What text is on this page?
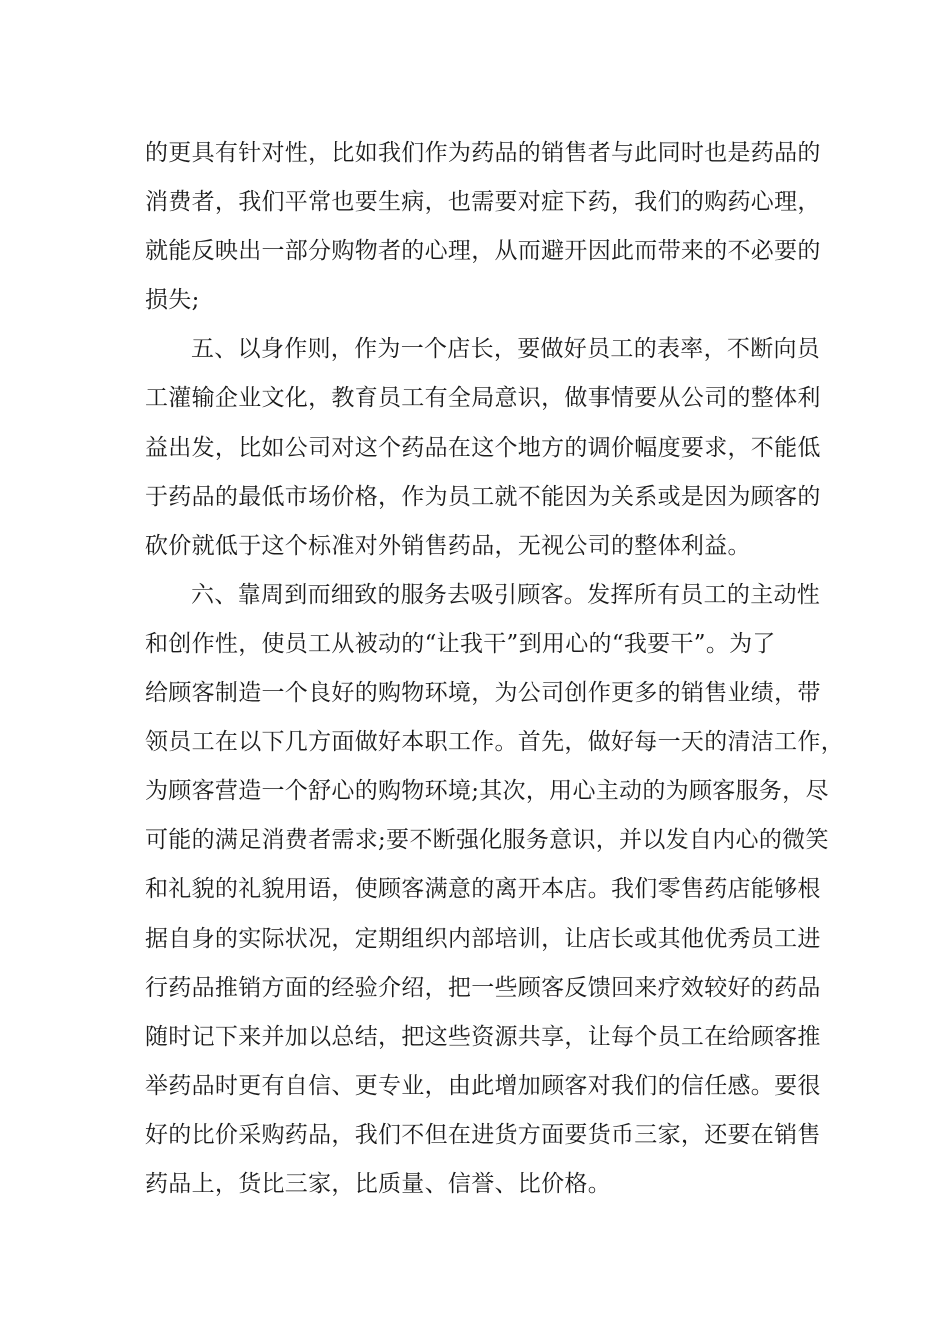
的更具有针对性，比如我们作为药品的销售者与此同时也是药品的
消费者，我们平常也要生病，也需要对症下药，我们的购药心理，
就能反映出一部分购物者的心理，从而避开因此而带来的不必要的
损失;
五、以身作则，作为一个店长，要做好员工的表率，不断向员
工灌输企业文化，教育员工有全局意识，做事情要从公司的整体利
益出发，比如公司对这个药品在这个地方的调价幅度要求，不能低
于药品的最低市场价格，作为员工就不能因为关系或是因为顾客的
砍价就低于这个标准对外销售药品，无视公司的整体利益。
六、靠周到而细致的服务去吸引顾客。发挥所有员工的主动性
和创作性，使员工从被动的“让我干”到用心的“我要干”。为了
给顾客制造一个良好的购物环境，为公司创作更多的销售业绩，带
领员工在以下几方面做好本职工作。首先，做好每一天的清洁工作，
为顾客营造一个舒心的购物环境;其次，用心主动的为顾客服务，尽
可能的满足消费者需求;要不断强化服务意识，并以发自内心的微笑
和礼貌的礼貌用语，使顾客满意的离开本店。我们零售药店能够根
据自身的实际状况，定期组织内部培训，让店长或其他优秀员工进
行药品推销方面的经验介绍，把一些顾客反馈回来疗效较好的药品
随时记下来并加以总结，把这些资源共享，让每个员工在给顾客推
举药品时更有自信、更专业，由此增加顾客对我们的信任感。要很
好的比价采购药品，我们不但在进货方面要货币三家，还要在销售
药品上，货比三家，比质量、信誉、比价格。
